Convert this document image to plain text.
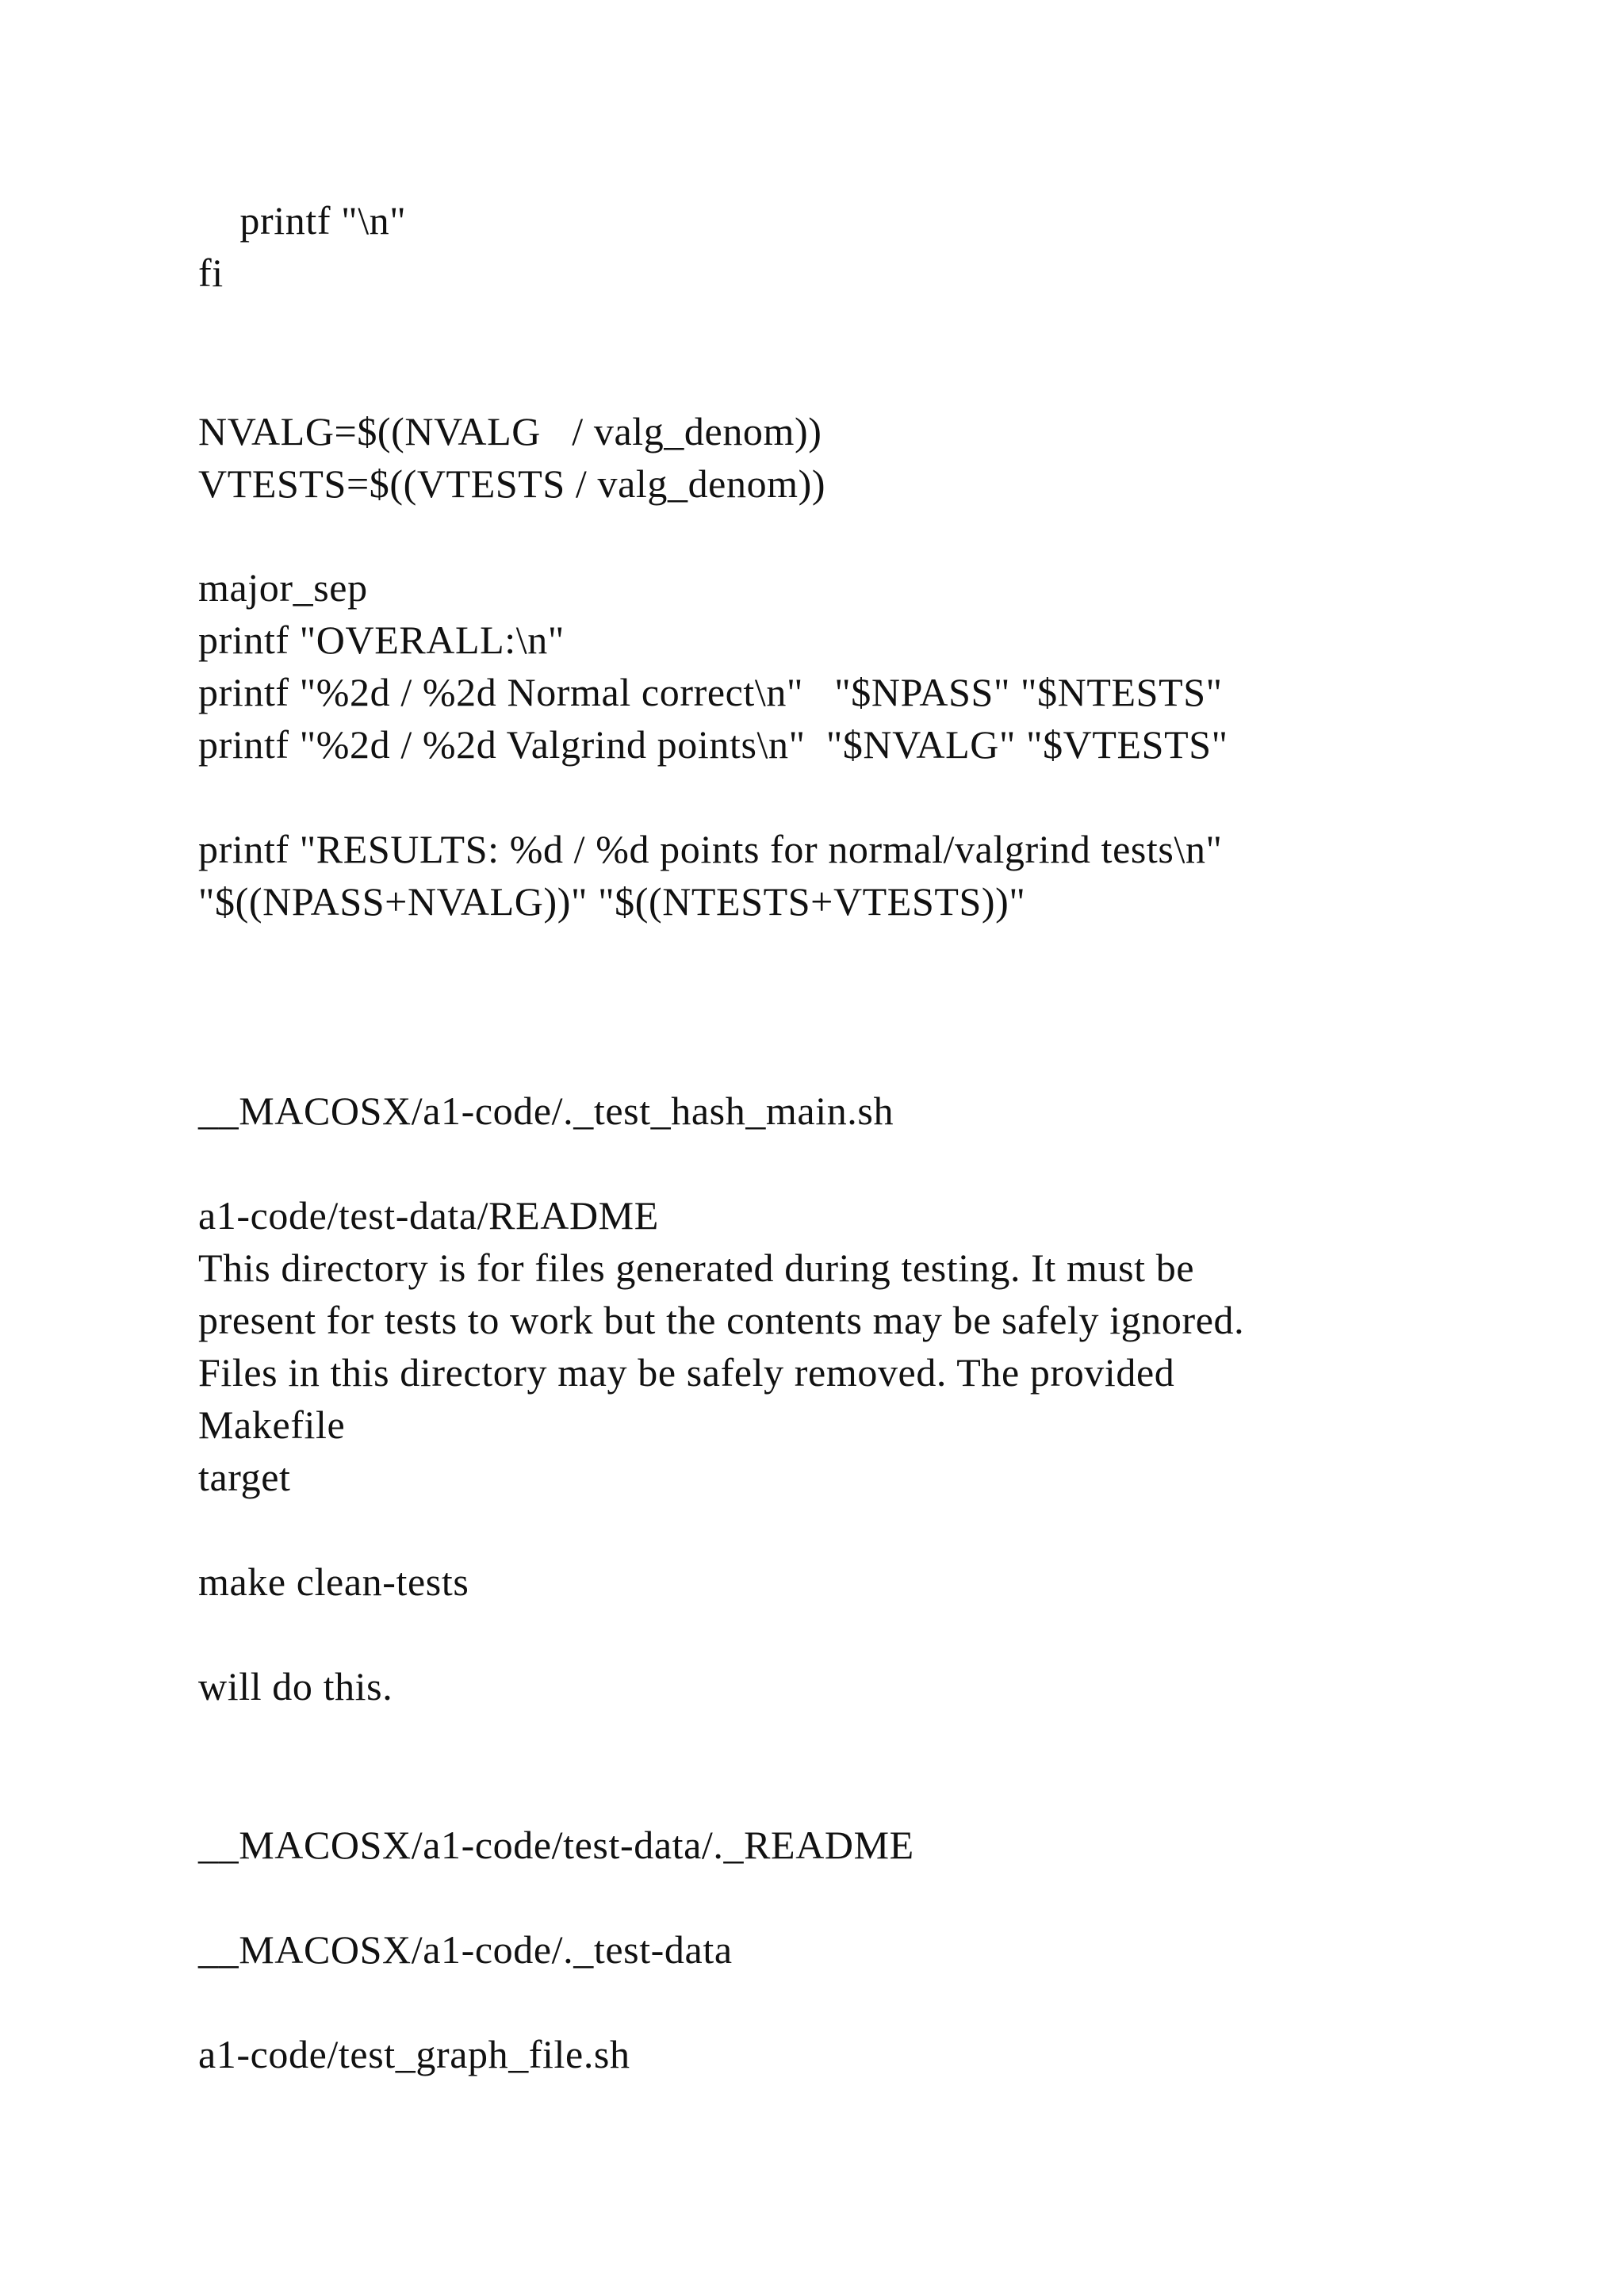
printf "\n"

fi

NVALG=$((NVALG   / valg_denom))

VTESTS=$((VTESTS / valg_denom))

major_sep

printf "OVERALL:\n"

printf "%2d / %2d Normal correct\n"   "$NPASS" "$NTESTS"

printf "%2d / %2d Valgrind points\n"  "$NVALG" "$VTESTS"

printf "RESULTS: %d / %d points for normal/valgrind tests\n"

"$((NPASS+NVALG))" "$((NTESTS+VTESTS))"

__MACOSX/a1-code/._test_hash_main.sh

a1-code/test-data/README

This directory is for files generated during testing. It must be

present for tests to work but the contents may be safely ignored.

Files in this directory may be safely removed. The provided

Makefile

target

make clean-tests

will do this.

__MACOSX/a1-code/test-data/._README

__MACOSX/a1-code/._test-data

a1-code/test_graph_file.sh
